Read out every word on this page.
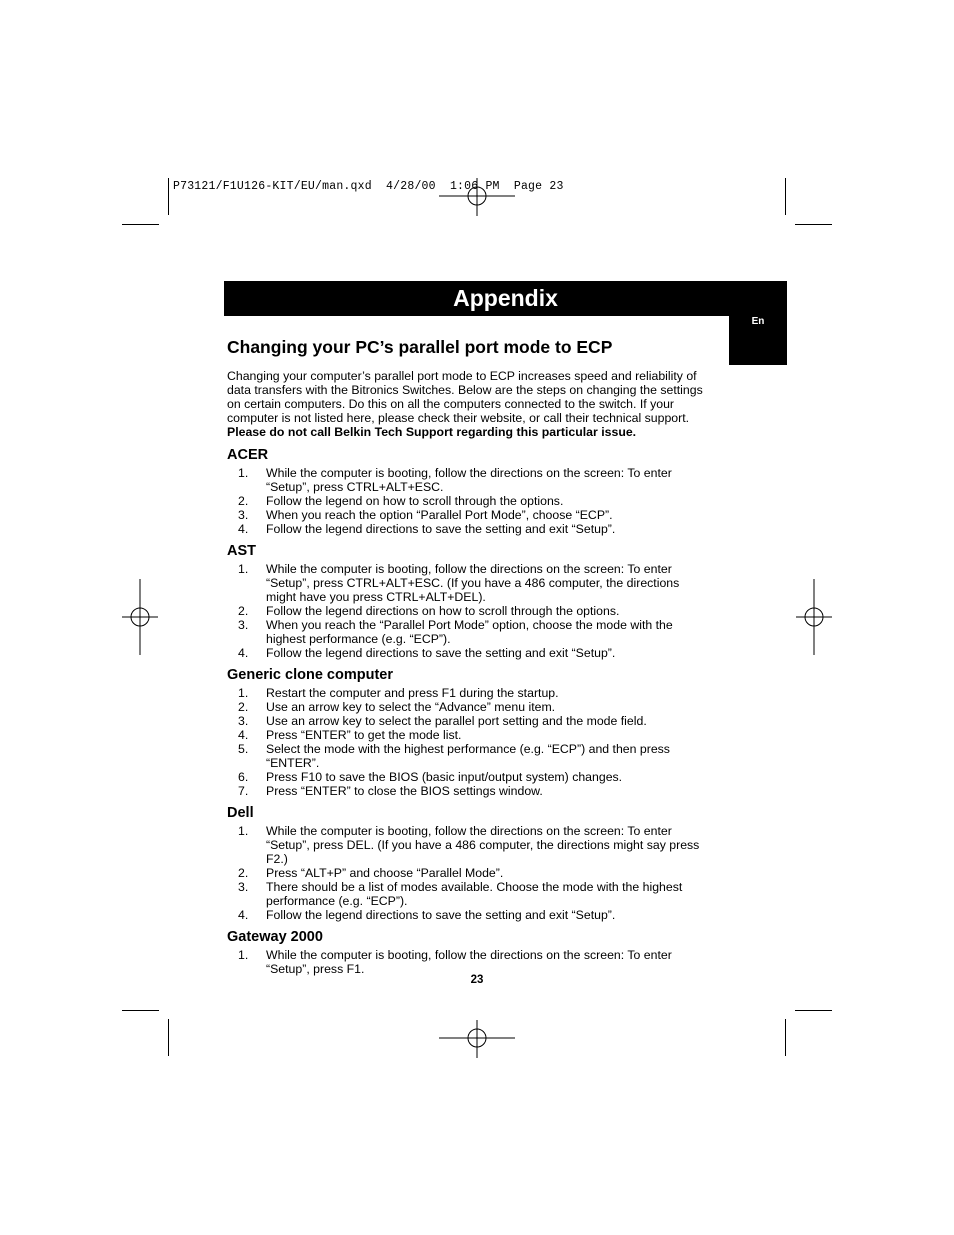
P73121/F1U126-KIT/EU/man.qxd  4/28/00  1:06 PM  Page 23
Appendix
En
Changing your PC’s parallel port mode to ECP

Changing your computer’s parallel port mode to ECP increases speed and reliability of data transfers with the Bitronics Switches. Below are the steps on changing the settings on certain computers. Do this on all the computers connected to the switch. If your computer is not listed here, please check their website, or call their technical support. Please do not call Belkin Tech Support regarding this particular issue.

ACER
1.	While the computer is booting, follow the directions on the screen: To enter “Setup”, press CTRL+ALT+ESC.
2.	Follow the legend on how to scroll through the options.
3.	When you reach the option “Parallel Port Mode”, choose “ECP”.
4.	Follow the legend directions to save the setting and exit “Setup”.
AST
1.	While the computer is booting, follow the directions on the screen: To enter “Setup”, press CTRL+ALT+ESC. (If you have a 486 computer, the directions might have you press CTRL+ALT+DEL).
2.	Follow the legend directions on how to scroll through the options.
3.	When you reach the “Parallel Port Mode” option, choose the mode with the highest performance (e.g. “ECP”).
4.	Follow the legend directions to save the setting and exit “Setup”.
Generic clone computer
1.	Restart the computer and press F1 during the startup.
2.	Use an arrow key to select the “Advance” menu item.
3.	Use an arrow key to select the parallel port setting and the mode field.
4.	Press “ENTER” to get the mode list.
5.	Select the mode with the highest performance (e.g. “ECP”) and then press “ENTER”.
6.	Press F10 to save the BIOS (basic input/output system) changes.
7.	Press “ENTER” to close the BIOS settings window.
Dell
1.	While the computer is booting, follow the directions on the screen: To enter “Setup”, press DEL. (If you have a 486 computer, the directions might say press F2.)
2.	Press “ALT+P” and choose “Parallel Mode”.
3.	There should be a list of modes available. Choose the mode with the highest performance (e.g. “ECP”).
4.	Follow the legend directions to save the setting and exit “Setup”.
Gateway 2000
1.	While the computer is booting, follow the directions on the screen: To enter “Setup”, press F1.
23
